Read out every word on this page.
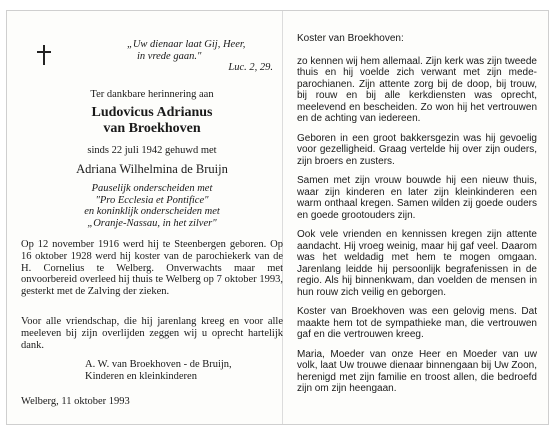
„Uw dienaar laat Gij, Heer,
in vrede gaan."
Luc. 2, 29.
Ter dankbare herinnering aan
Ludovicus Adrianus
van Broekhoven
sinds 22 juli 1942 gehuwd met
Adriana Wilhelmina de Bruijn
Pauselijk onderscheiden met
"Pro Ecclesia et Pontifice"
en koninklijk onderscheiden met
„Oranje-Nassau, in het zilver"
Op 12 november 1916 werd hij te Steenbergen geboren. Op 16 oktober 1928 werd hij koster van de parochiekerk van de H. Cornelius te Welberg. Onverwachts maar met onvoorbereid overleed hij thuis te Welberg op 7 oktober 1993, gesterkt met de Zalving der zieken.
Voor alle vriendschap, die hij jarenlang kreeg en voor alle meeleven bij zijn overlijden zeggen wij u oprecht hartelijk dank.
A. W. van Broekhoven - de Bruijn,
Kinderen en kleinkinderen
Welberg, 11 oktober 1993

Koster van Broekhoven:

zo kennen wij hem allemaal. Zijn kerk was zijn tweede thuis en hij voelde zich verwant met zijn mede-parochianen. Zijn attente zorg bij de doop, bij trouw, bij rouw en bij alle kerkdiensten was oprecht, meelevend en bescheiden. Zo won hij het vertrouwen en de achting van iedereen.

Geboren in een groot bakkersgezin was hij gevoelig voor gezelligheid. Graag vertelde hij over zijn ouders, zijn broers en zusters.

Samen met zijn vrouw bouwde hij een nieuw thuis, waar zijn kinderen en later zijn kleinkinderen een warm onthaal kregen. Samen wilden zij goede ouders en goede grootouders zijn.

Ook vele vrienden en kennissen kregen zijn attente aandacht. Hij vroeg weinig, maar hij gaf veel. Daarom was het weldadig met hem te mogen omgaan. Jarenlang leidde hij persoonlijk begrafenissen in de regio. Als hij binnenkwam, dan voelden de mensen in hun rouw zich veilig en geborgen.

Koster van Broekhoven was een gelovig mens. Dat maakte hem tot de sympathieke man, die vertrouwen gaf en die vertrouwen kreeg.

Maria, Moeder van onze Heer en Moeder van uw volk, laat Uw trouwe dienaar binnengaan bij Uw Zoon, herenigd met zijn familie en troost allen, die bedroefd zijn om zijn heengaan.
